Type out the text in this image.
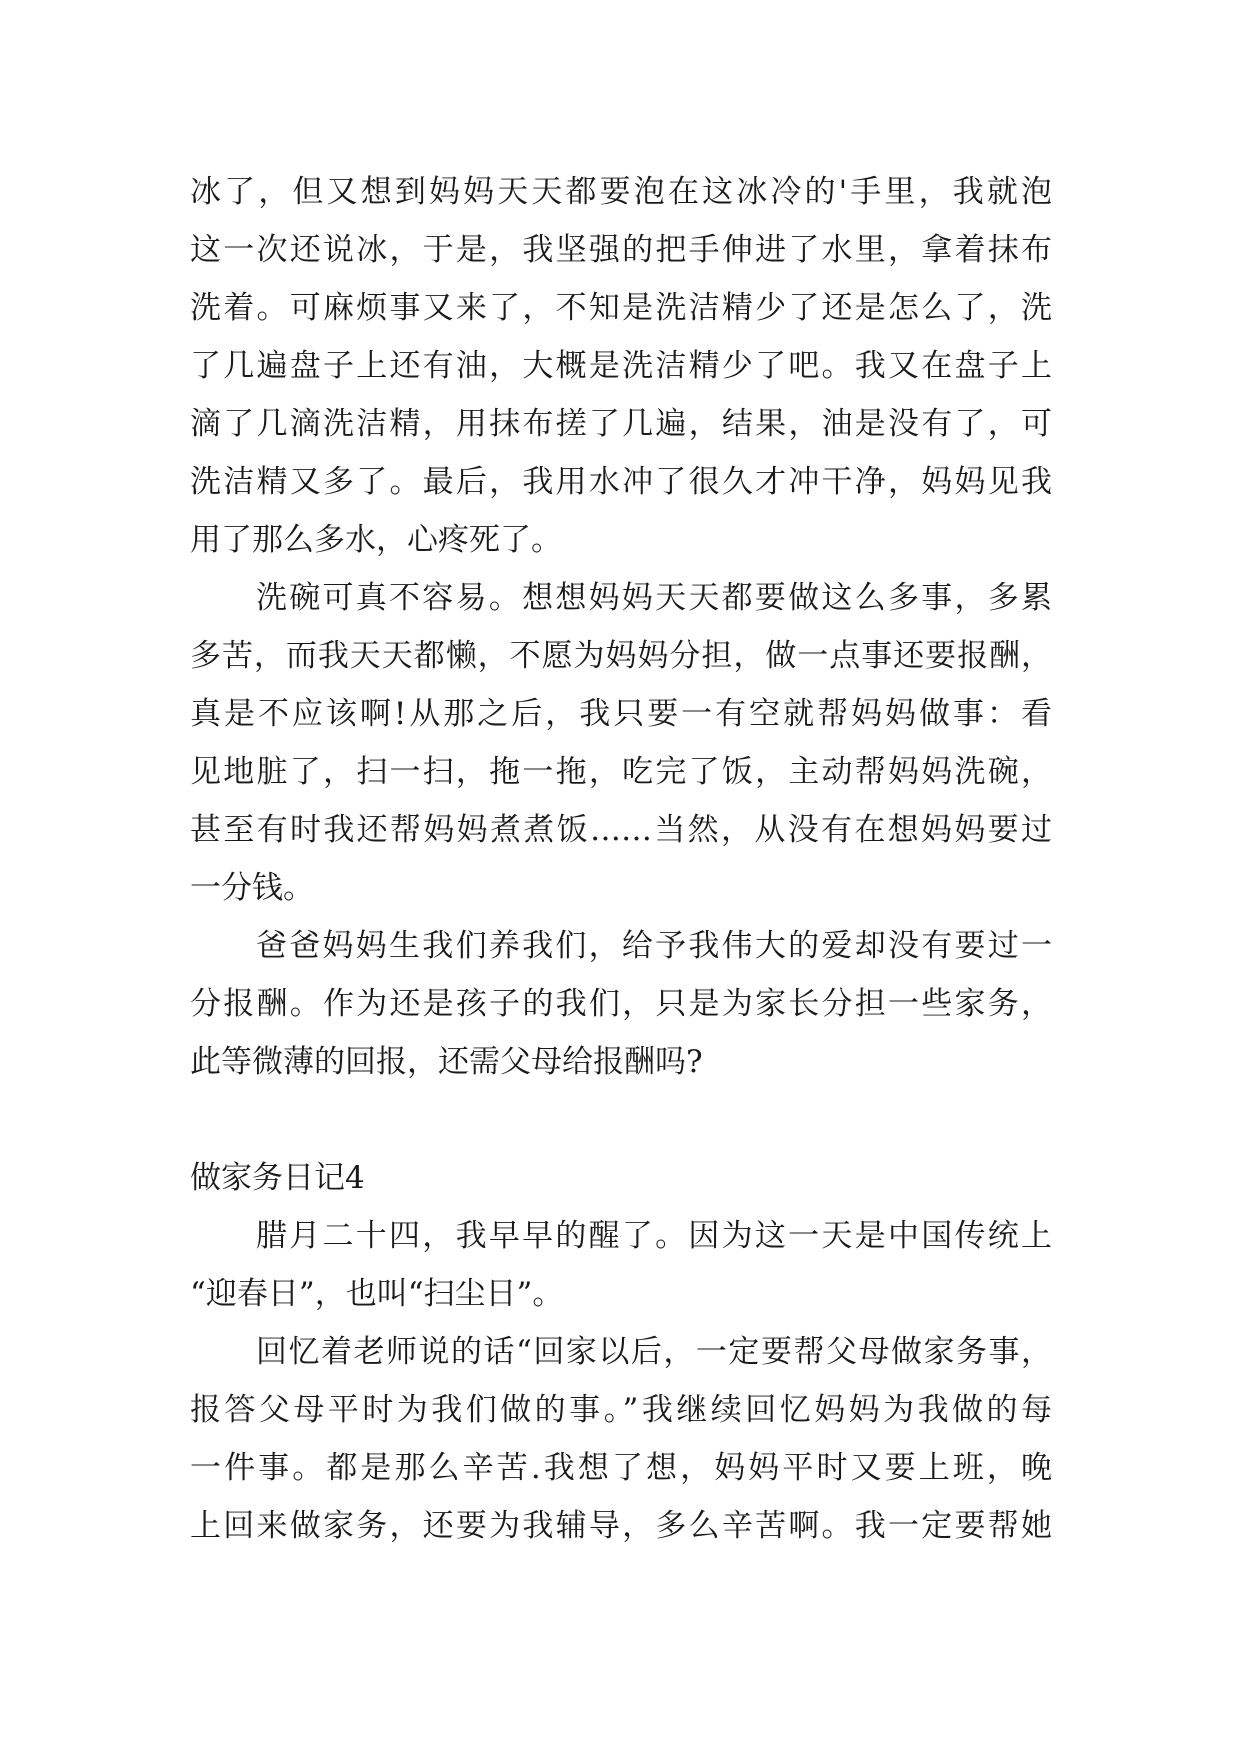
冰了，但又想到妈妈天天都要泡在这冰冷的'手里，我就泡
这一次还说冰，于是，我坚强的把手伸进了水里，拿着抹布
洗着。可麻烦事又来了，不知是洗洁精少了还是怎么了，洗
了几遍盘子上还有油，大概是洗洁精少了吧。我又在盘子上
滴了几滴洗洁精，用抹布搓了几遍，结果，油是没有了，可
洗洁精又多了。最后，我用水冲了很久才冲干净，妈妈见我
用了那么多水，心疼死了。
洗碗可真不容易。想想妈妈天天都要做这么多事，多累
多苦，而我天天都懒，不愿为妈妈分担，做一点事还要报酬，
真是不应该啊!从那之后，我只要一有空就帮妈妈做事：看
见地脏了，扫一扫，拖一拖，吃完了饭，主动帮妈妈洗碗，
甚至有时我还帮妈妈煮煮饭……当然，从没有在想妈妈要过
一分钱。
爸爸妈妈生我们养我们，给予我伟大的爱却没有要过一
分报酬。作为还是孩子的我们，只是为家长分担一些家务，
此等微薄的回报，还需父母给报酬吗?
做家务日记4
腊月二十四，我早早的醒了。因为这一天是中国传统上
“迎春日”，也叫“扫尘日”。
回忆着老师说的话“回家以后，一定要帮父母做家务事，
报答父母平时为我们做的事。”我继续回忆妈妈为我做的每
一件事。都是那么辛苦.我想了想，妈妈平时又要上班，晚
上回来做家务，还要为我辅导，多么辛苦啊。我一定要帮她
